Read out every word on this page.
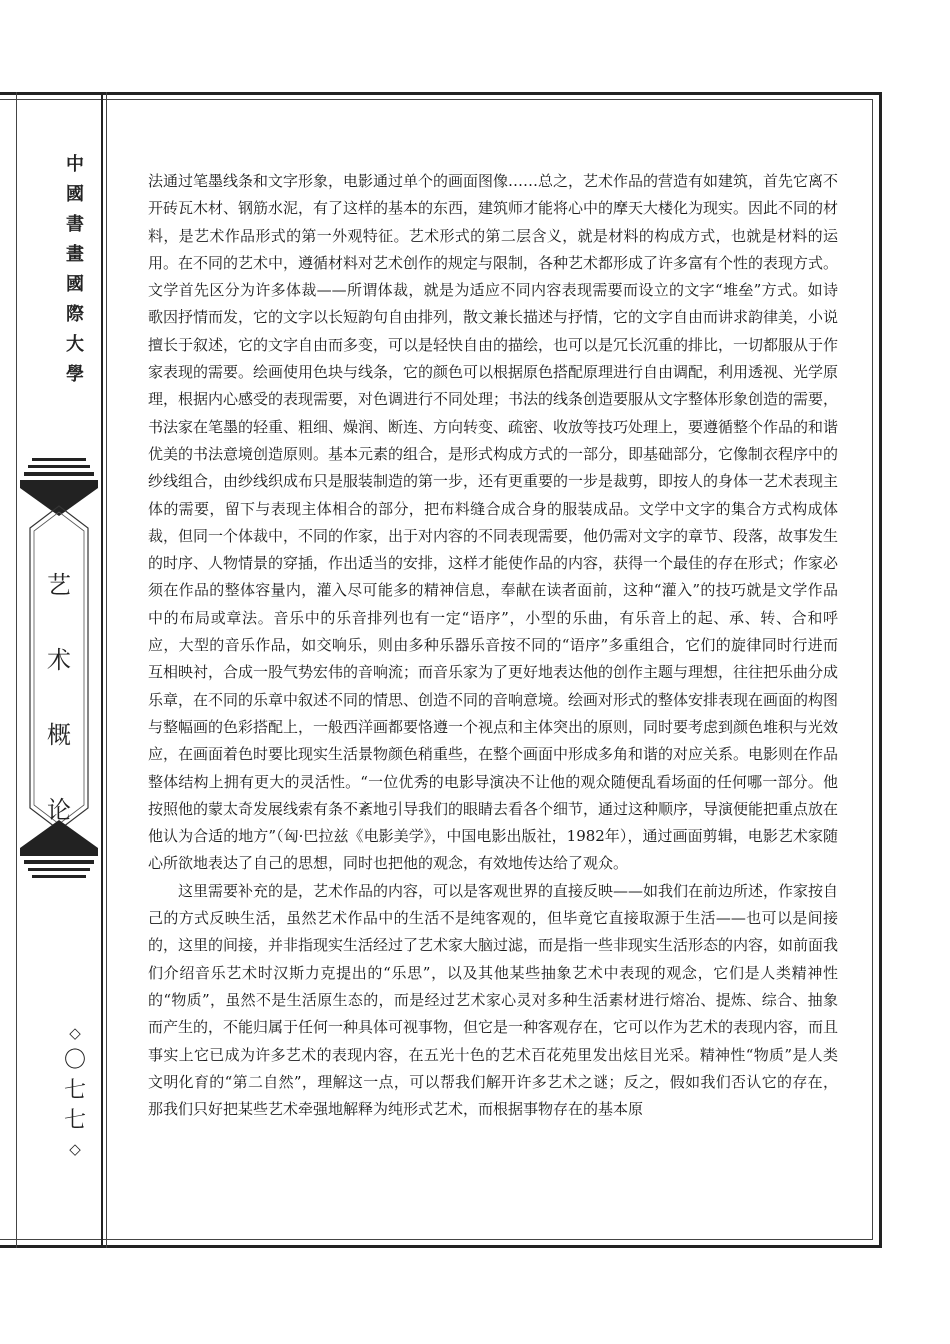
中
國
書
畫
國
際
大
學
艺
术
概
论
◇
〇
七
七
◇

法通过笔墨线条和文字形象，电影通过单个的画面图像……总之，艺术作品的营造有如建筑，首先它离不开砖瓦木材、钢筋水泥，有了这样的基本的东西，建筑师才能将心中的摩天大楼化为现实。因此不同的材料，是艺术作品形式的第一外观特征。艺术形式的第二层含义，就是材料的构成方式，也就是材料的运用。在不同的艺术中，遵循材料对艺术创作的规定与限制，各种艺术都形成了许多富有个性的表现方式。文学首先区分为许多体裁——所谓体裁，就是为适应不同内容表现需要而设立的文字“堆垒”方式。如诗歌因抒情而发，它的文字以长短韵句自由排列，散文兼长描述与抒情，它的文字自由而讲求韵律美，小说擅长于叙述，它的文字自由而多变，可以是轻快自由的描绘，也可以是冗长沉重的排比，一切都服从于作家表现的需要。绘画使用色块与线条，它的颜色可以根据原色搭配原理进行自由调配，利用透视、光学原理，根据内心感受的表现需要，对色调进行不同处理；书法的线条创造要服从文字整体形象创造的需要，书法家在笔墨的轻重、粗细、燥润、断连、方向转变、疏密、收放等技巧处理上，要遵循整个作品的和谐优美的书法意境创造原则。基本元素的组合，是形式构成方式的一部分，即基础部分，它像制衣程序中的纱线组合，由纱线织成布只是服装制造的第一步，还有更重要的一步是裁剪，即按人的身体一艺术表现主体的需要，留下与表现主体相合的部分，把布料缝合成合身的服装成品。文学中文字的集合方式构成体裁，但同一个体裁中，不同的作家，出于对内容的不同表现需要，他仍需对文字的章节、段落，故事发生的时序、人物情景的穿插，作出适当的安排，这样才能使作品的内容，获得一个最佳的存在形式；作家必须在作品的整体容量内，灌入尽可能多的精神信息，奉献在读者面前，这种“灌入”的技巧就是文学作品中的布局或章法。音乐中的乐音排列也有一定“语序”，小型的乐曲，有乐音上的起、承、转、合和呼应，大型的音乐作品，如交响乐，则由多种乐器乐音按不同的“语序”多重组合，它们的旋律同时行进而互相映衬，合成一股气势宏伟的音响流；而音乐家为了更好地表达他的创作主题与理想，往往把乐曲分成乐章，在不同的乐章中叙述不同的情思、创造不同的音响意境。绘画对形式的整体安排表现在画面的构图与整幅画的色彩搭配上，一般西洋画都要恪遵一个视点和主体突出的原则，同时要考虑到颜色堆积与光效应，在画面着色时要比现实生活景物颜色稍重些，在整个画面中形成多角和谐的对应关系。电影则在作品整体结构上拥有更大的灵活性。“一位优秀的电影导演决不让他的观众随便乱看场面的任何哪一部分。他按照他的蒙太奇发展线索有条不紊地引导我们的眼睛去看各个细节，通过这种顺序，导演便能把重点放在他认为合适的地方”（匈·巴拉兹《电影美学》，中国电影出版社，1982年），通过画面剪辑，电影艺术家随心所欲地表达了自己的思想，同时也把他的观念，有效地传达给了观众。

这里需要补充的是，艺术作品的内容，可以是客观世界的直接反映——如我们在前边所述，作家按自己的方式反映生活，虽然艺术作品中的生活不是纯客观的，但毕竟它直接取源于生活——也可以是间接的，这里的间接，并非指现实生活经过了艺术家大脑过滤，而是指一些非现实生活形态的内容，如前面我们介绍音乐艺术时汉斯力克提出的“乐思”，以及其他某些抽象艺术中表现的观念，它们是人类精神性的“物质”，虽然不是生活原生态的，而是经过艺术家心灵对多种生活素材进行熔冶、提炼、综合、抽象而产生的，不能归属于任何一种具体可视事物，但它是一种客观存在，它可以作为艺术的表现内容，而且事实上它已成为许多艺术的表现内容，在五光十色的艺术百花苑里发出炫目光采。精神性“物质”是人类文明化育的“第二自然”，理解这一点，可以帮我们解开许多艺术之谜；反之，假如我们否认它的存在，那我们只好把某些艺术牵强地解释为纯形式艺术，而根据事物存在的基本原
